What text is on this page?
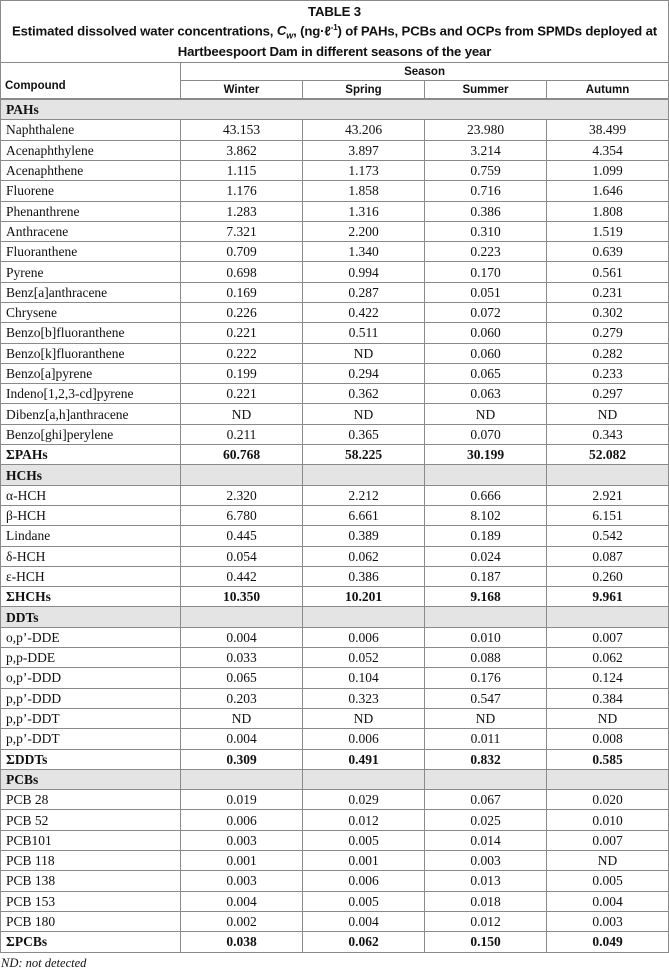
TABLE 3
Estimated dissolved water concentrations, $C_w$, (ng·ℓ$^{-1}$) of PAHs, PCBs and OCPs from SPMDs deployed at
Hartbeespoort Dam in different seasons of the year
Compound	Season			
	Winter	Spring	Summer	Autumn
PAHs				
Naphthalene	43.153	43.206	23.980	38.499
Acenaphthylene	3.862	3.897	3.214	4.354
Acenaphthene	1.115	1.173	0.759	1.099
Fluorene	1.176	1.858	0.716	1.646
Phenanthrene	1.283	1.316	0.386	1.808
Anthracene	7.321	2.200	0.310	1.519
Fluoranthene	0.709	1.340	0.223	0.639
Pyrene	0.698	0.994	0.170	0.561
Benz[a]anthracene	0.169	0.287	0.051	0.231
Chrysene	0.226	0.422	0.072	0.302
Benzo[b]fluoranthene	0.221	0.511	0.060	0.279
Benzo[k]fluoranthene	0.222	ND	0.060	0.282
Benzo[a]pyrene	0.199	0.294	0.065	0.233
Indeno[1,2,3-cd]pyrene	0.221	0.362	0.063	0.297
Dibenz[a,h]anthracene	ND	ND	ND	ND
Benzo[ghi]perylene	0.211	0.365	0.070	0.343
ΣPAHs	60.768	58.225	30.199	52.082
HCHs				
α-HCH	2.320	2.212	0.666	2.921
β-HCH	6.780	6.661	8.102	6.151
Lindane	0.445	0.389	0.189	0.542
δ-HCH	0.054	0.062	0.024	0.087
ε-HCH	0.442	0.386	0.187	0.260
ΣHCHs	10.350	10.201	9.168	9.961
DDTs				
o,p’-DDE	0.004	0.006	0.010	0.007
p,p-DDE	0.033	0.052	0.088	0.062
o,p’-DDD	0.065	0.104	0.176	0.124
p,p’-DDD	0.203	0.323	0.547	0.384
p,p’-DDT	ND	ND	ND	ND
p,p’-DDT	0.004	0.006	0.011	0.008
ΣDDTs	0.309	0.491	0.832	0.585
PCBs				
PCB 28	0.019	0.029	0.067	0.020
PCB 52	0.006	0.012	0.025	0.010
PCB101	0.003	0.005	0.014	0.007
PCB 118	0.001	0.001	0.003	ND
PCB 138	0.003	0.006	0.013	0.005
PCB 153	0.004	0.005	0.018	0.004
PCB 180	0.002	0.004	0.012	0.003
ΣPCBs	0.038	0.062	0.150	0.049
ND: not detected
